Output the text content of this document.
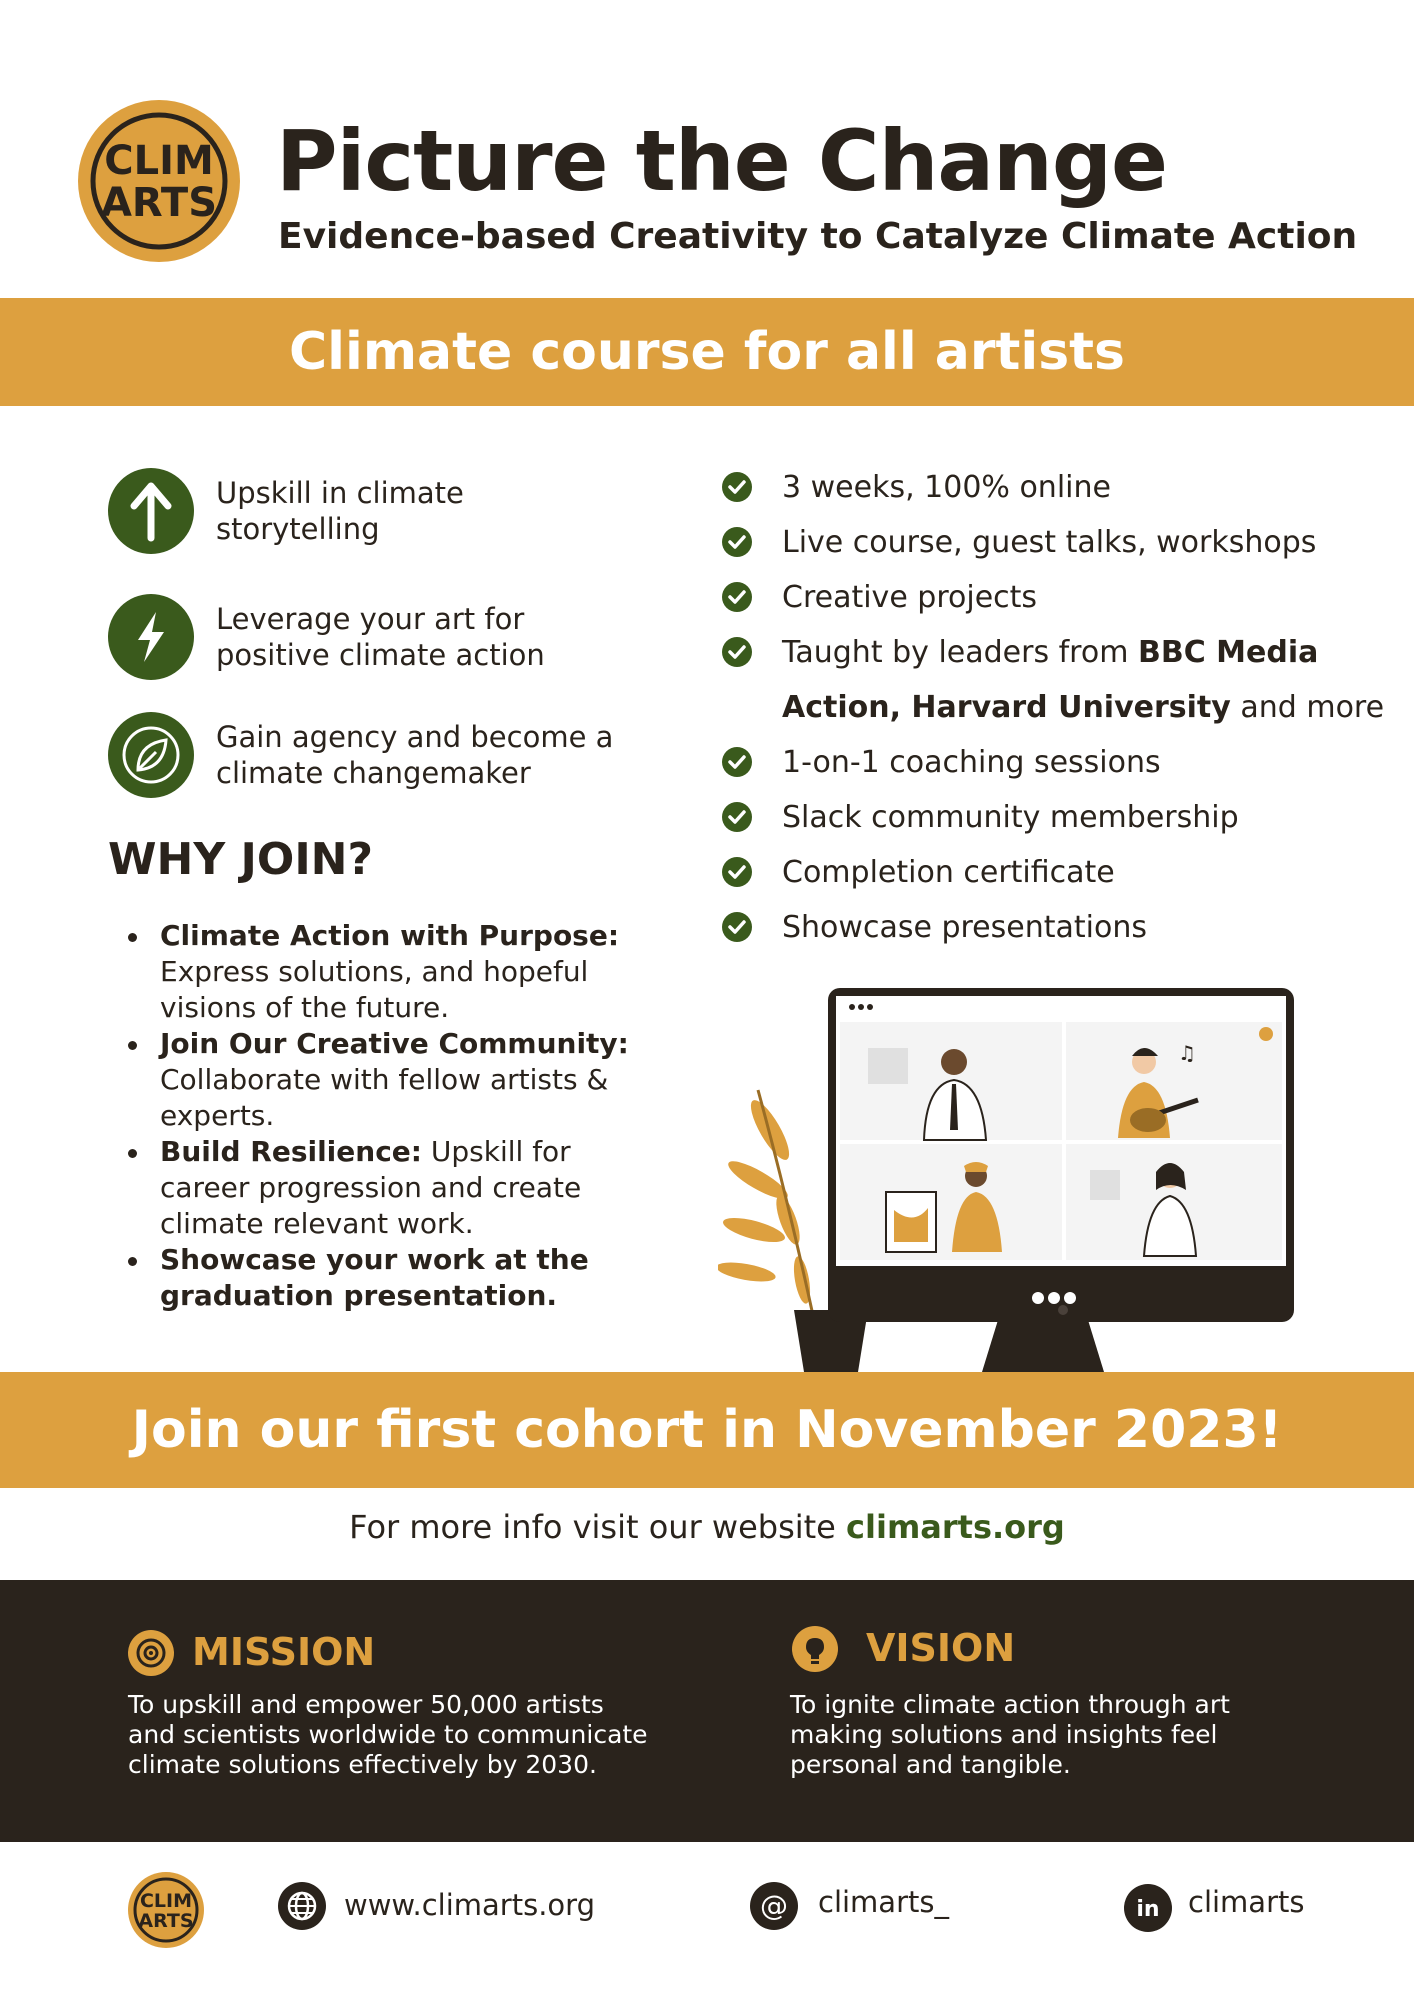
CLIM
ARTS Picture the Change
Evidence-based Creativity to Catalyze Climate Action
Climate course for all artists
Upskill in climate
storytelling
Leverage your art for
positive climate action
Gain agency and become a
climate changemaker
WHY JOIN?
Climate Action with Purpose: Express solutions, and hopeful visions of the future.
Join Our Creative Community: Collaborate with fellow artists & experts.
Build Resilience: Upskill for career progression and create climate relevant work.
Showcase your work at the graduation presentation.
3 weeks, 100% online
Live course, guest talks, workshops
Creative projects
Taught by leaders from BBC Media
Action, Harvard University and more
1-on-1 coaching sessions
Slack community membership
Completion certificate
Showcase presentations
♫
Join our first cohort in November 2023!
For more info visit our website climarts.org
MISSION
To upskill and empower 50,000 artists
and scientists worldwide to communicate
climate solutions effectively by 2030.
VISION
To ignite climate action through art
making solutions and insights feel
personal and tangible.
CLIM
ARTS	www.climarts.org	@ climarts_	in climarts
